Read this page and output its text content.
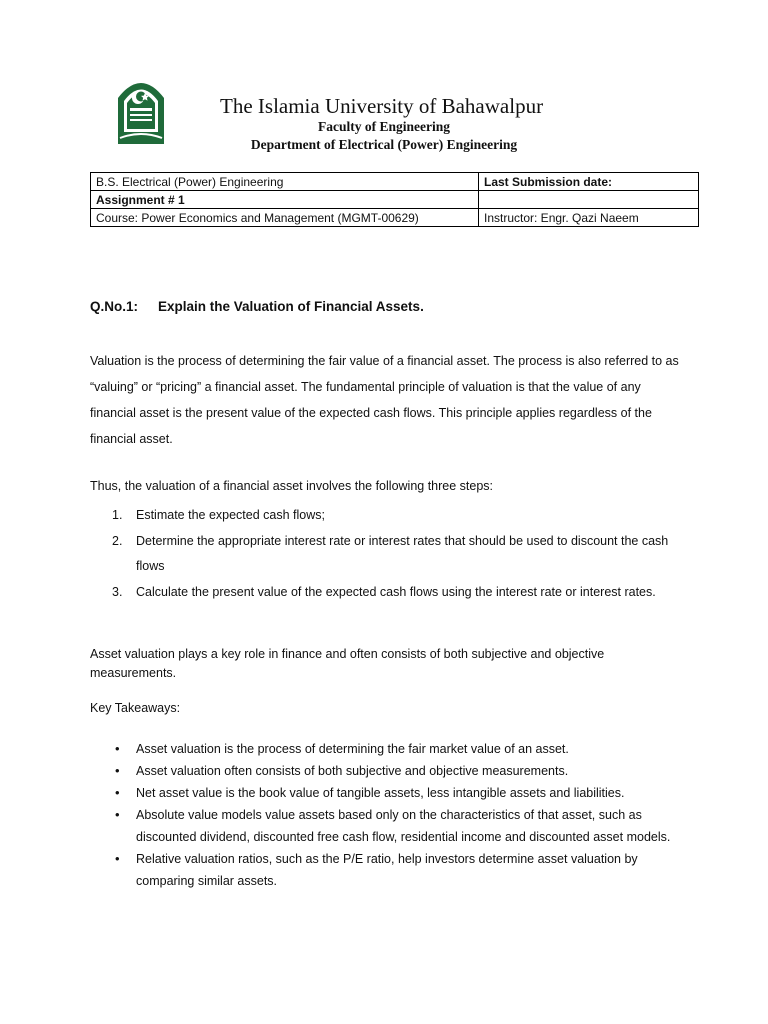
The Islamia University of Bahawalpur
Faculty of Engineering
Department of Electrical (Power) Engineering
B.S. Electrical (Power) Engineering	Last Submission date:
Assignment # 1	
Course: Power Economics and Management (MGMT-00629)	Instructor: Engr. Qazi Naeem
Q.No.1: Explain the Valuation of Financial Assets.
Valuation is the process of determining the fair value of a financial asset. The process is also referred to as “valuing” or “pricing” a financial asset. The fundamental principle of valuation is that the value of any financial asset is the present value of the expected cash flows. This principle applies regardless of the financial asset.
Thus, the valuation of a financial asset involves the following three steps:
1. Estimate the expected cash flows;
2. Determine the appropriate interest rate or interest rates that should be used to discount the cash flows
3. Calculate the present value of the expected cash flows using the interest rate or interest rates.
Asset valuation plays a key role in finance and often consists of both subjective and objective measurements.
Key Takeaways:
• Asset valuation is the process of determining the fair market value of an asset.
• Asset valuation often consists of both subjective and objective measurements.
• Net asset value is the book value of tangible assets, less intangible assets and liabilities.
• Absolute value models value assets based only on the characteristics of that asset, such as discounted dividend, discounted free cash flow, residential income and discounted asset models.
• Relative valuation ratios, such as the P/E ratio, help investors determine asset valuation by comparing similar assets.
